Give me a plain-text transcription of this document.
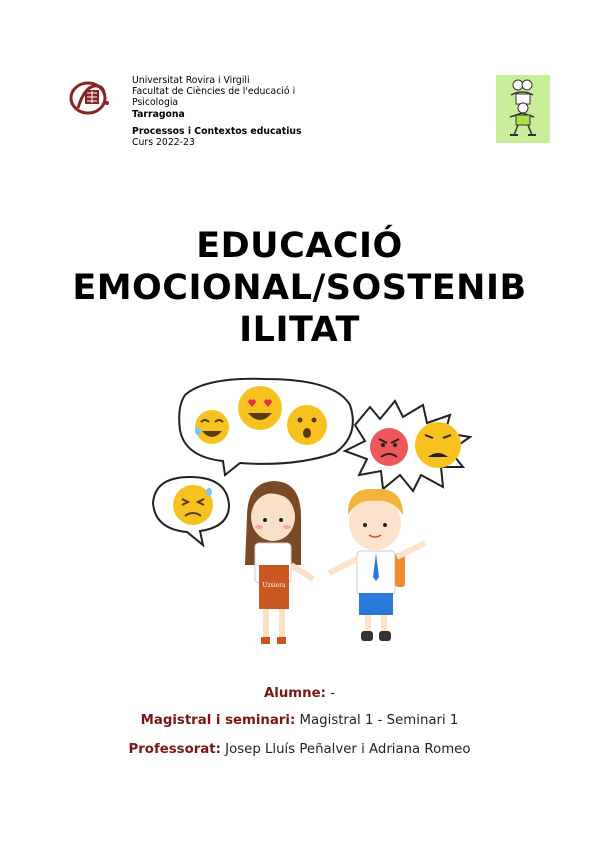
Universitat Rovira i Virgili
Facultat de Ciències de l'educació i
Psicologia
Tarragona
Processos i Contextos educatius
Curs 2022-23
EDUCACIÓ
EMOCIONAL/SOSTENIB
ILITAT
Uzsiera
Alumne: -
Magistral i seminari: Magistral 1 - Seminari 1
Professorat: Josep Lluís Peñalver i Adriana Romeo
